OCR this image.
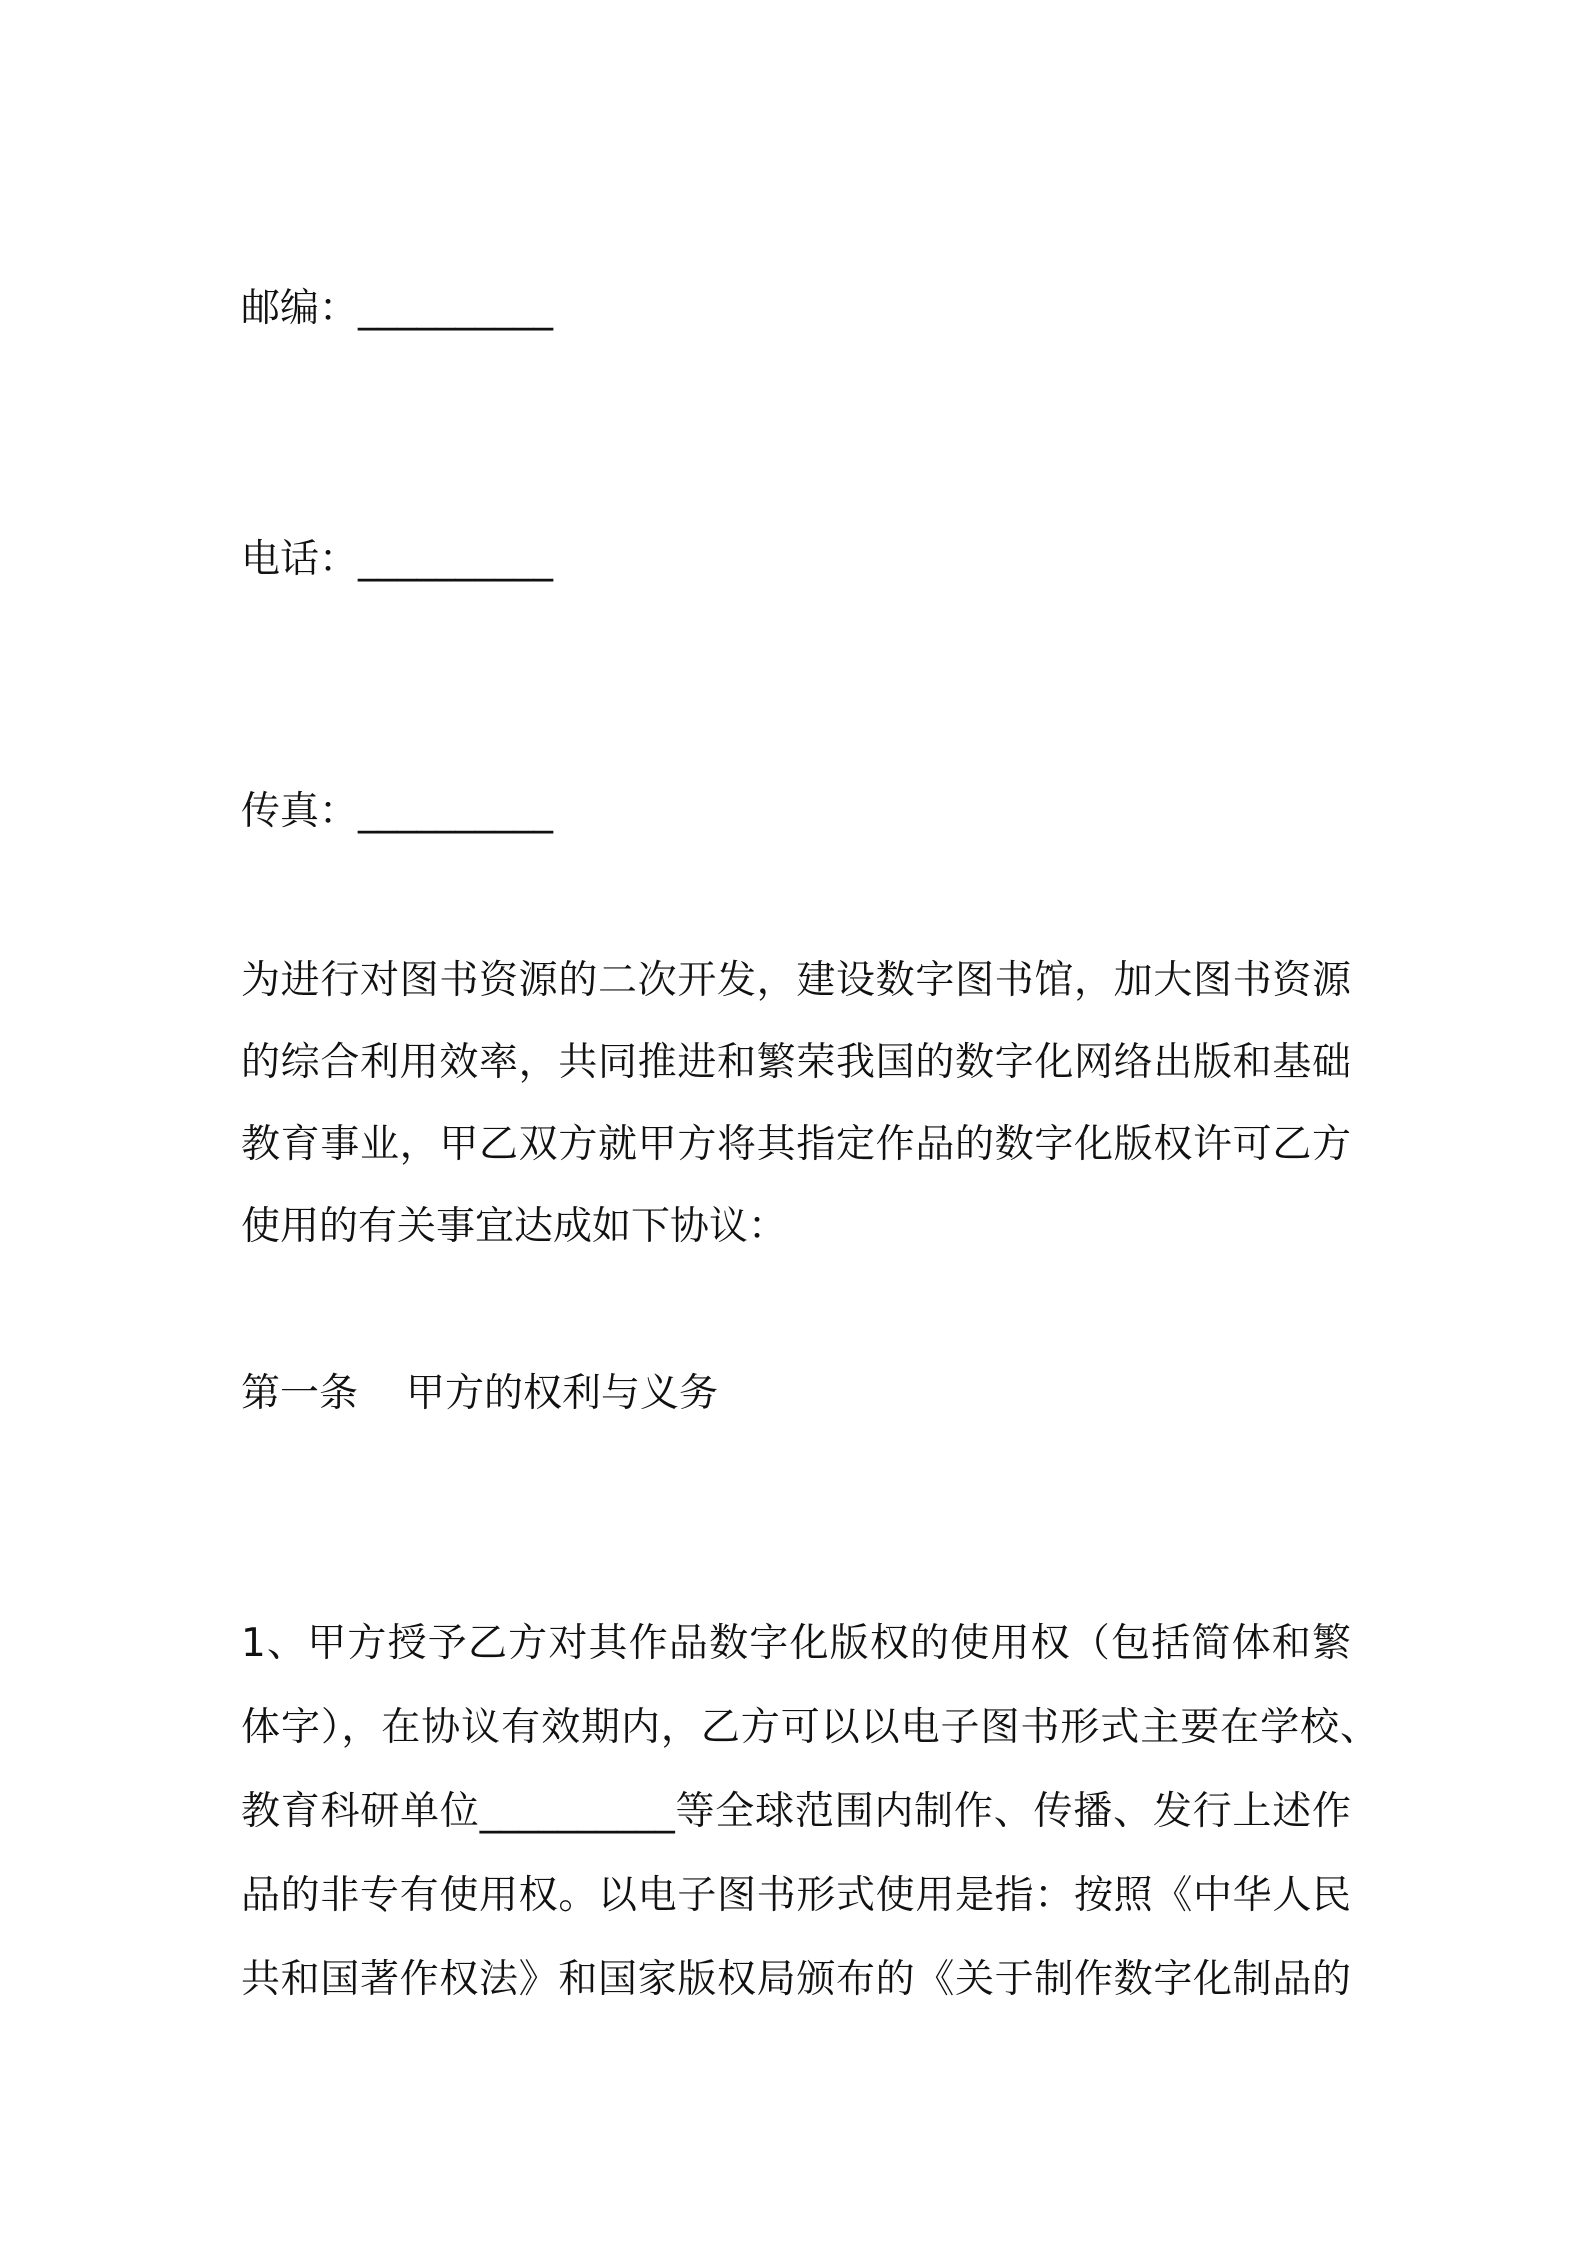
邮编：__________
电话：__________
传真：__________
为进行对图书资源的二次开发，建设数字图书馆，加大图书资源
的综合利用效率，共同推进和繁荣我国的数字化网络出版和基础
教育事业，甲乙双方就甲方将其指定作品的数字化版权许可乙方
使用的有关事宜达成如下协议：
第一条 甲方的权利与义务
1、甲方授予乙方对其作品数字化版权的使用权（包括简体和繁
体字），在协议有效期内，乙方可以以电子图书形式主要在学校、
教育科研单位__________等全球范围内制作、传播、发行上述作
品的非专有使用权。以电子图书形式使用是指：按照《中华人民
共和国著作权法》和国家版权局颁布的《关于制作数字化制品的
